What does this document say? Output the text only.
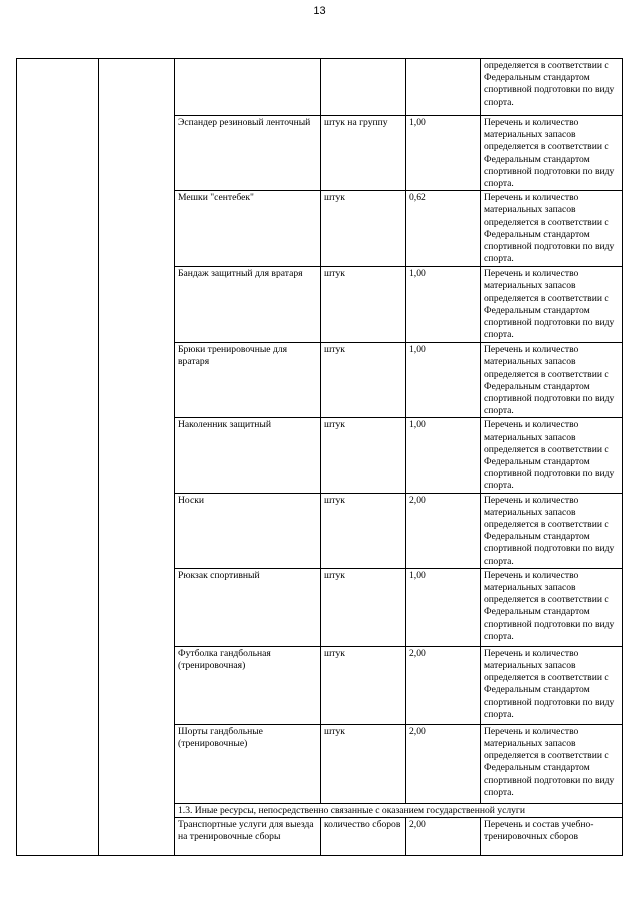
13
					определяется в соответствии с Федеральным стандартом спортивной подготовки по виду спорта.
		Эспандер резиновый ленточный	штук на группу	1,00	Перечень и количество материальных запасов определяется в соответствии с Федеральным стандартом спортивной подготовки по виду спорта.
		Мешки "сентебек"	штук	0,62	Перечень и количество материальных запасов определяется в соответствии с Федеральным стандартом спортивной подготовки по виду спорта.
		Бандаж защитный для вратаря	штук	1,00	Перечень и количество материальных запасов определяется в соответствии с Федеральным стандартом спортивной подготовки по виду спорта.
		Брюки тренировочные для вратаря	штук	1,00	Перечень и количество материальных запасов определяется в соответствии с Федеральным стандартом спортивной подготовки по виду спорта.
		Наколенник защитный	штук	1,00	Перечень и количество материальных запасов определяется в соответствии с Федеральным стандартом спортивной подготовки по виду спорта.
		Носки	штук	2,00	Перечень и количество материальных запасов определяется в соответствии с Федеральным стандартом спортивной подготовки по виду спорта.
		Рюкзак спортивный	штук	1,00	Перечень и количество материальных запасов определяется в соответствии с Федеральным стандартом спортивной подготовки по виду спорта.
		Футболка гандбольная (тренировочная)	штук	2,00	Перечень и количество материальных запасов определяется в соответствии с Федеральным стандартом спортивной подготовки по виду спорта.
		Шорты гандбольные (тренировочные)	штук	2,00	Перечень и количество материальных запасов определяется в соответствии с Федеральным стандартом спортивной подготовки по виду спорта.
		1.3. Иные ресурсы, непосредственно связанные с оказанием государственной услуги			
		Транспортные услуги для выезда на тренировочные сборы	количество сборов	2,00	Перечень и состав учебно-тренировочных сборов
